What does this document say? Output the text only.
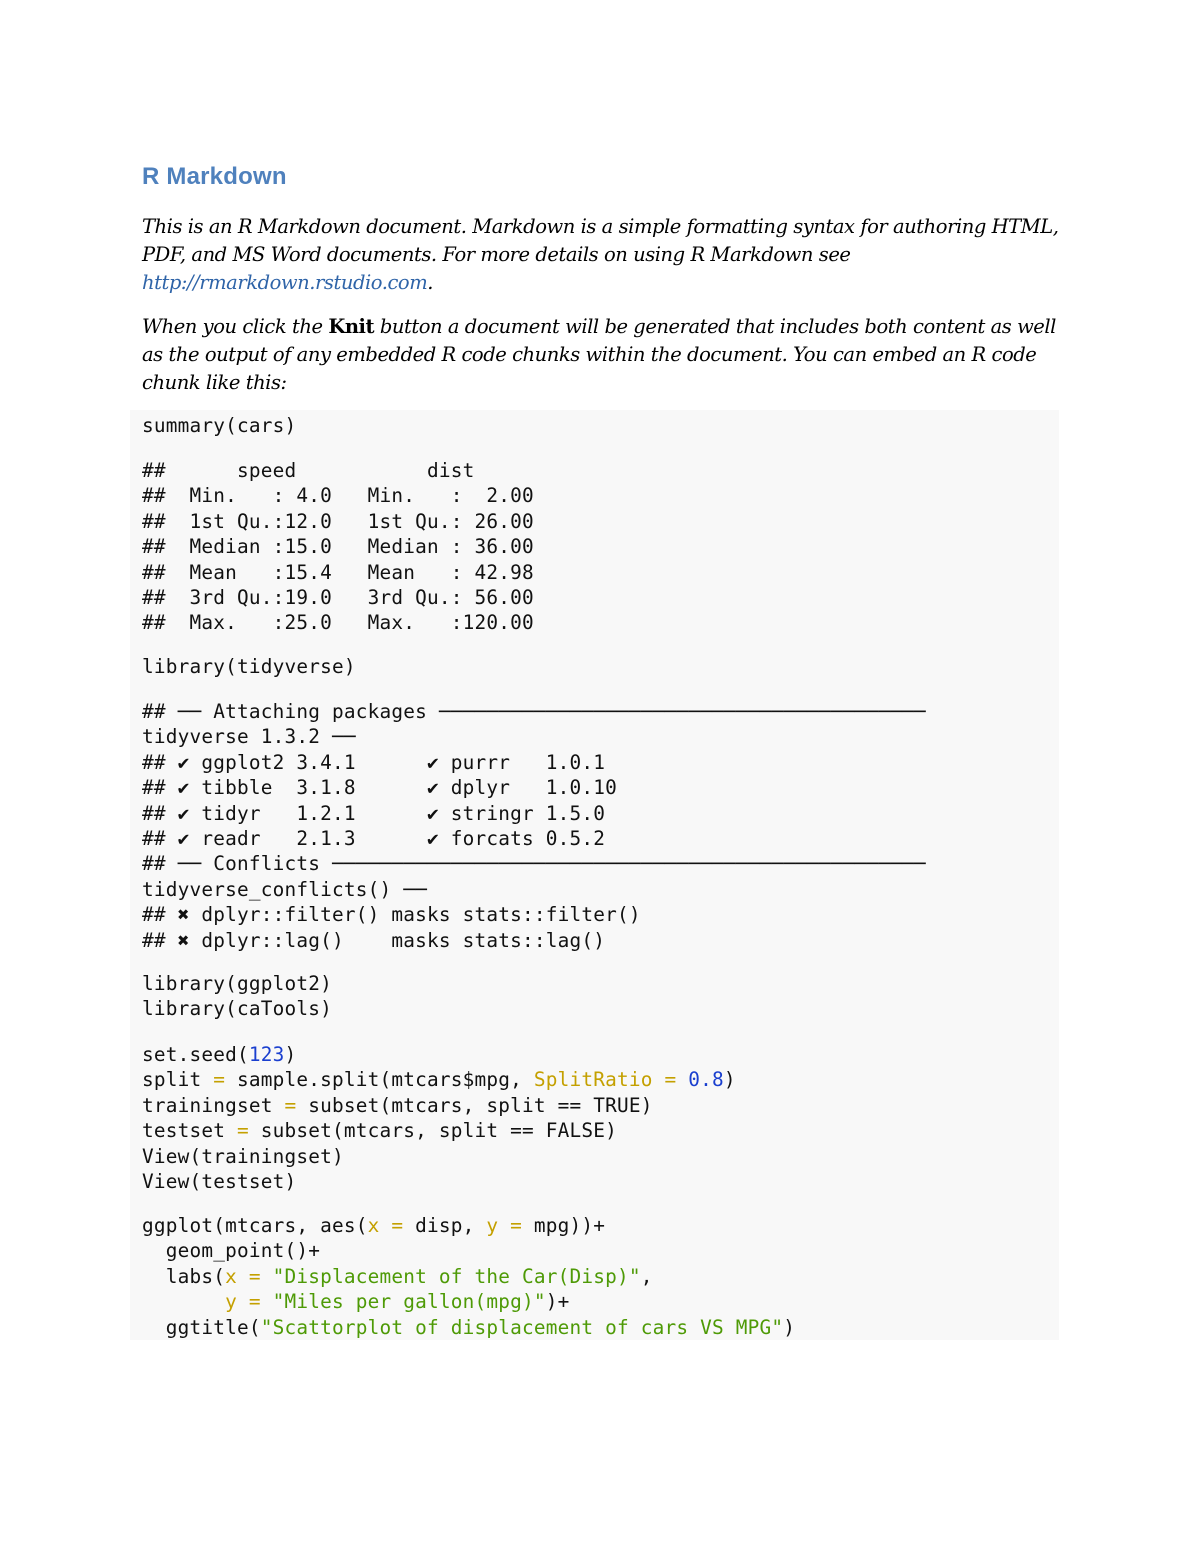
R Markdown

This is an R Markdown document. Markdown is a simple formatting syntax for authoring HTML, PDF, and MS Word documents. For more details on using R Markdown see http://rmarkdown.rstudio.com.

When you click the Knit button a document will be generated that includes both content as well as the output of any embedded R code chunks within the document. You can embed an R code chunk like this:

summary(cars)
##      speed           dist
##  Min.   : 4.0   Min.   :  2.00
##  1st Qu.:12.0   1st Qu.: 26.00
##  Median :15.0   Median : 36.00
##  Mean   :15.4   Mean   : 42.98
##  3rd Qu.:19.0   3rd Qu.: 56.00
##  Max.   :25.0   Max.   :120.00
library(tidyverse)
## ── Attaching packages ─────────────────────────────────────────
tidyverse 1.3.2 ──
## ✔ ggplot2 3.4.1      ✔ purrr   1.0.1
## ✔ tibble  3.1.8      ✔ dplyr   1.0.10
## ✔ tidyr   1.2.1      ✔ stringr 1.5.0
## ✔ readr   2.1.3      ✔ forcats 0.5.2
## ── Conflicts ──────────────────────────────────────────────────
tidyverse_conflicts() ──
## ✖ dplyr::filter() masks stats::filter()
## ✖ dplyr::lag()    masks stats::lag()
library(ggplot2)
library(caTools)
set.seed(123)
split = sample.split(mtcars$mpg, SplitRatio = 0.8)
trainingset = subset(mtcars, split == TRUE)
testset = subset(mtcars, split == FALSE)
View(trainingset)
View(testset)
ggplot(mtcars, aes(x = disp, y = mpg))+
geom_point()+
labs(x = "Displacement of the Car(Disp)",
y = "Miles per gallon(mpg)")+
ggtitle("Scattorplot of displacement of cars VS MPG")
